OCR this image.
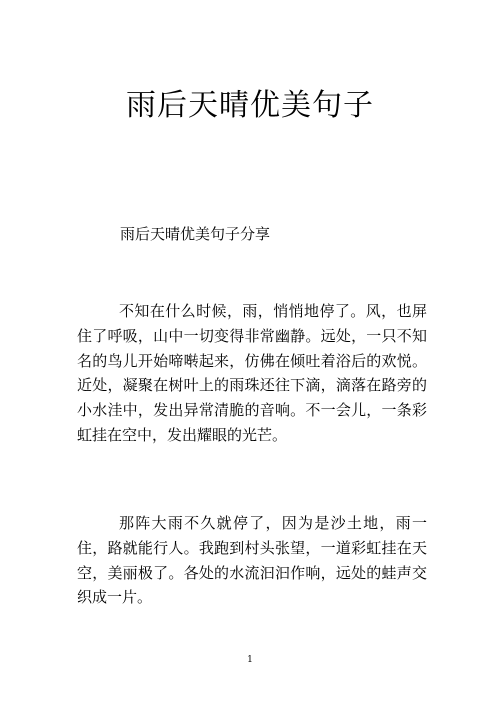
雨后天晴优美句子

雨后天晴优美句子分享

不知在什么时候，雨，悄悄地停了。风，也屏住了呼吸，山中一切变得非常幽静。远处，一只不知名的鸟儿开始啼啭起来，仿佛在倾吐着浴后的欢悦。近处，凝聚在树叶上的雨珠还往下滴，滴落在路旁的小水洼中，发出异常清脆的音响。不一会儿，一条彩虹挂在空中，发出耀眼的光芒。

那阵大雨不久就停了，因为是沙土地，雨一住，路就能行人。我跑到村头张望，一道彩虹挂在天空，美丽极了。各处的水流汩汩作响，远处的蛙声交织成一片。

1
